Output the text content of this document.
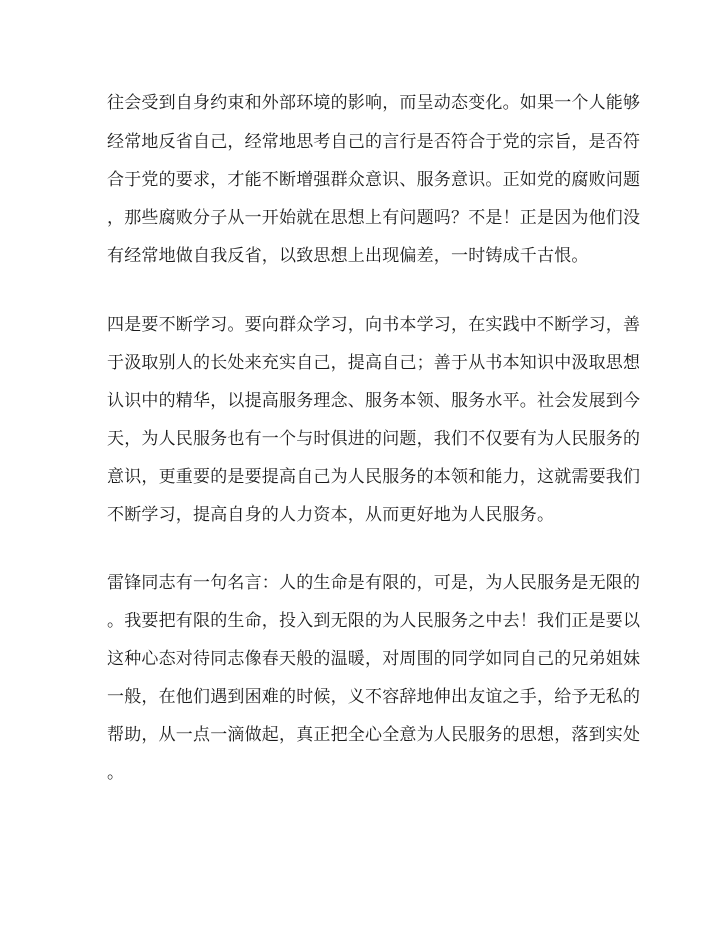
往会受到自身约束和外部环境的影响，而呈动态变化。如果一个人能够
经常地反省自己，经常地思考自己的言行是否符合于党的宗旨，是否符
合于党的要求，才能不断增强群众意识、服务意识。正如党的腐败问题
，那些腐败分子从一开始就在思想上有问题吗？不是！正是因为他们没
有经常地做自我反省，以致思想上出现偏差，一时铸成千古恨。
四是要不断学习。要向群众学习，向书本学习，在实践中不断学习，善
于汲取别人的长处来充实自己，提高自己；善于从书本知识中汲取思想
认识中的精华，以提高服务理念、服务本领、服务水平。社会发展到今
天，为人民服务也有一个与时俱进的问题，我们不仅要有为人民服务的
意识，更重要的是要提高自己为人民服务的本领和能力，这就需要我们
不断学习，提高自身的人力资本，从而更好地为人民服务。
雷锋同志有一句名言：人的生命是有限的，可是，为人民服务是无限的
。我要把有限的生命，投入到无限的为人民服务之中去！我们正是要以
这种心态对待同志像春天般的温暖，对周围的同学如同自己的兄弟姐妹
一般，在他们遇到困难的时候，义不容辞地伸出友谊之手，给予无私的
帮助，从一点一滴做起，真正把全心全意为人民服务的思想，落到实处
。
